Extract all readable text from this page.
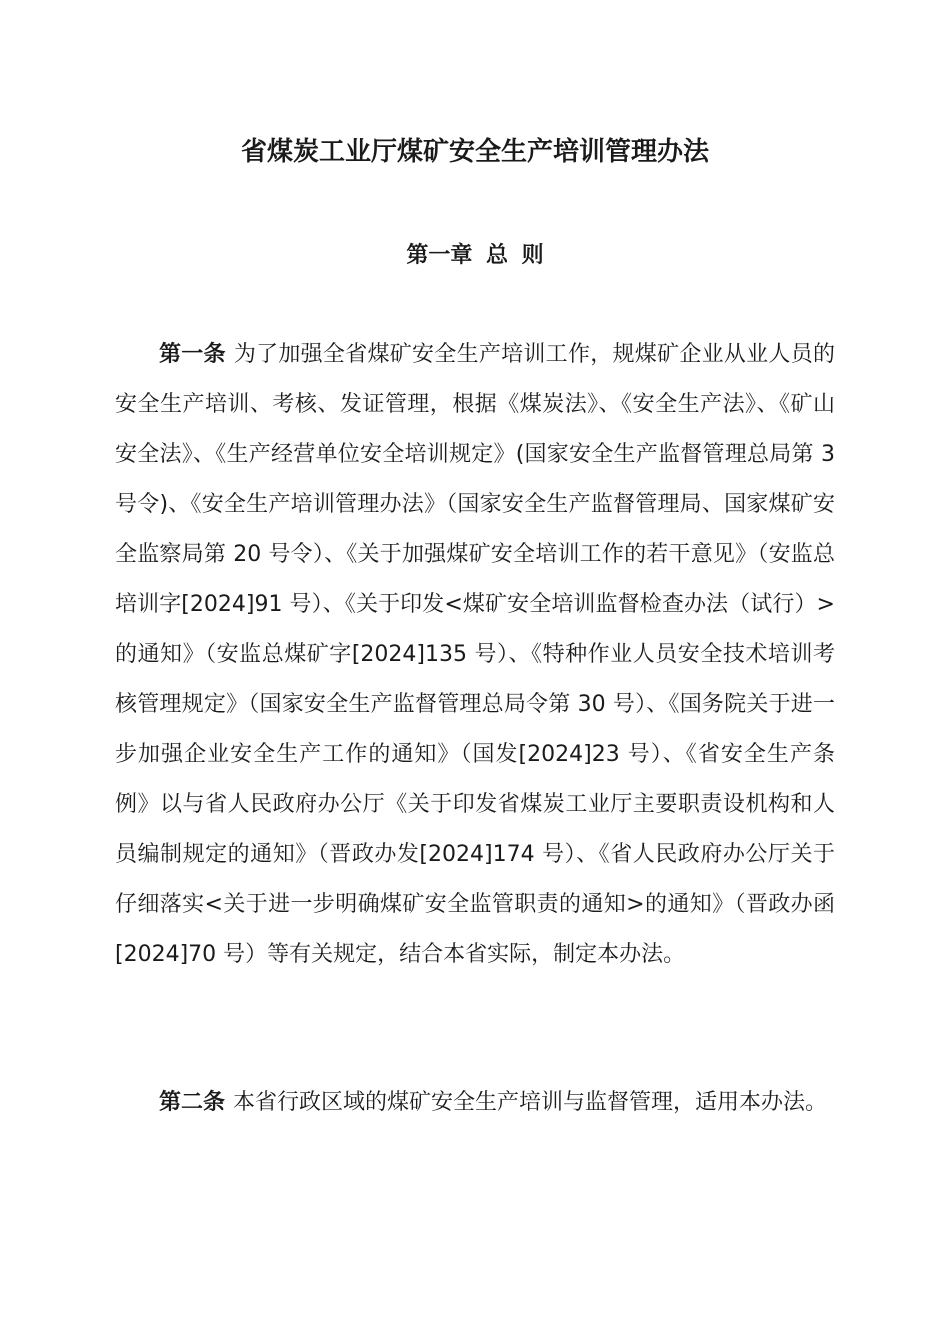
省煤炭工业厅煤矿安全生产培训管理办法
第一章 总 则

第一条 为了加强全省煤矿安全生产培训工作，规煤矿企业从业人员的安全生产培训、考核、发证管理，根据《煤炭法》、《安全生产法》、《矿山安全法》、《生产经营单位安全培训规定》(国家安全生产监督管理总局第 3 号令)、《安全生产培训管理办法》（国家安全生产监督管理局、国家煤矿安全监察局第 20 号令）、《关于加强煤矿安全培训工作的若干意见》（安监总培训字[2024]91 号）、《关于印发<煤矿安全培训监督检查办法（试行）>的通知》（安监总煤矿字[2024]135 号）、《特种作业人员安全技术培训考核管理规定》（国家安全生产监督管理总局令第 30 号）、《国务院关于进一步加强企业安全生产工作的通知》（国发[2024]23 号）、《省安全生产条例》以与省人民政府办公厅《关于印发省煤炭工业厅主要职责设机构和人员编制规定的通知》（晋政办发[2024]174 号）、《省人民政府办公厅关于仔细落实<关于进一步明确煤矿安全监管职责的通知>的通知》（晋政办函[2024]70 号）等有关规定，结合本省实际，制定本办法。

第二条 本省行政区域的煤矿安全生产培训与监督管理，适用本办法。
